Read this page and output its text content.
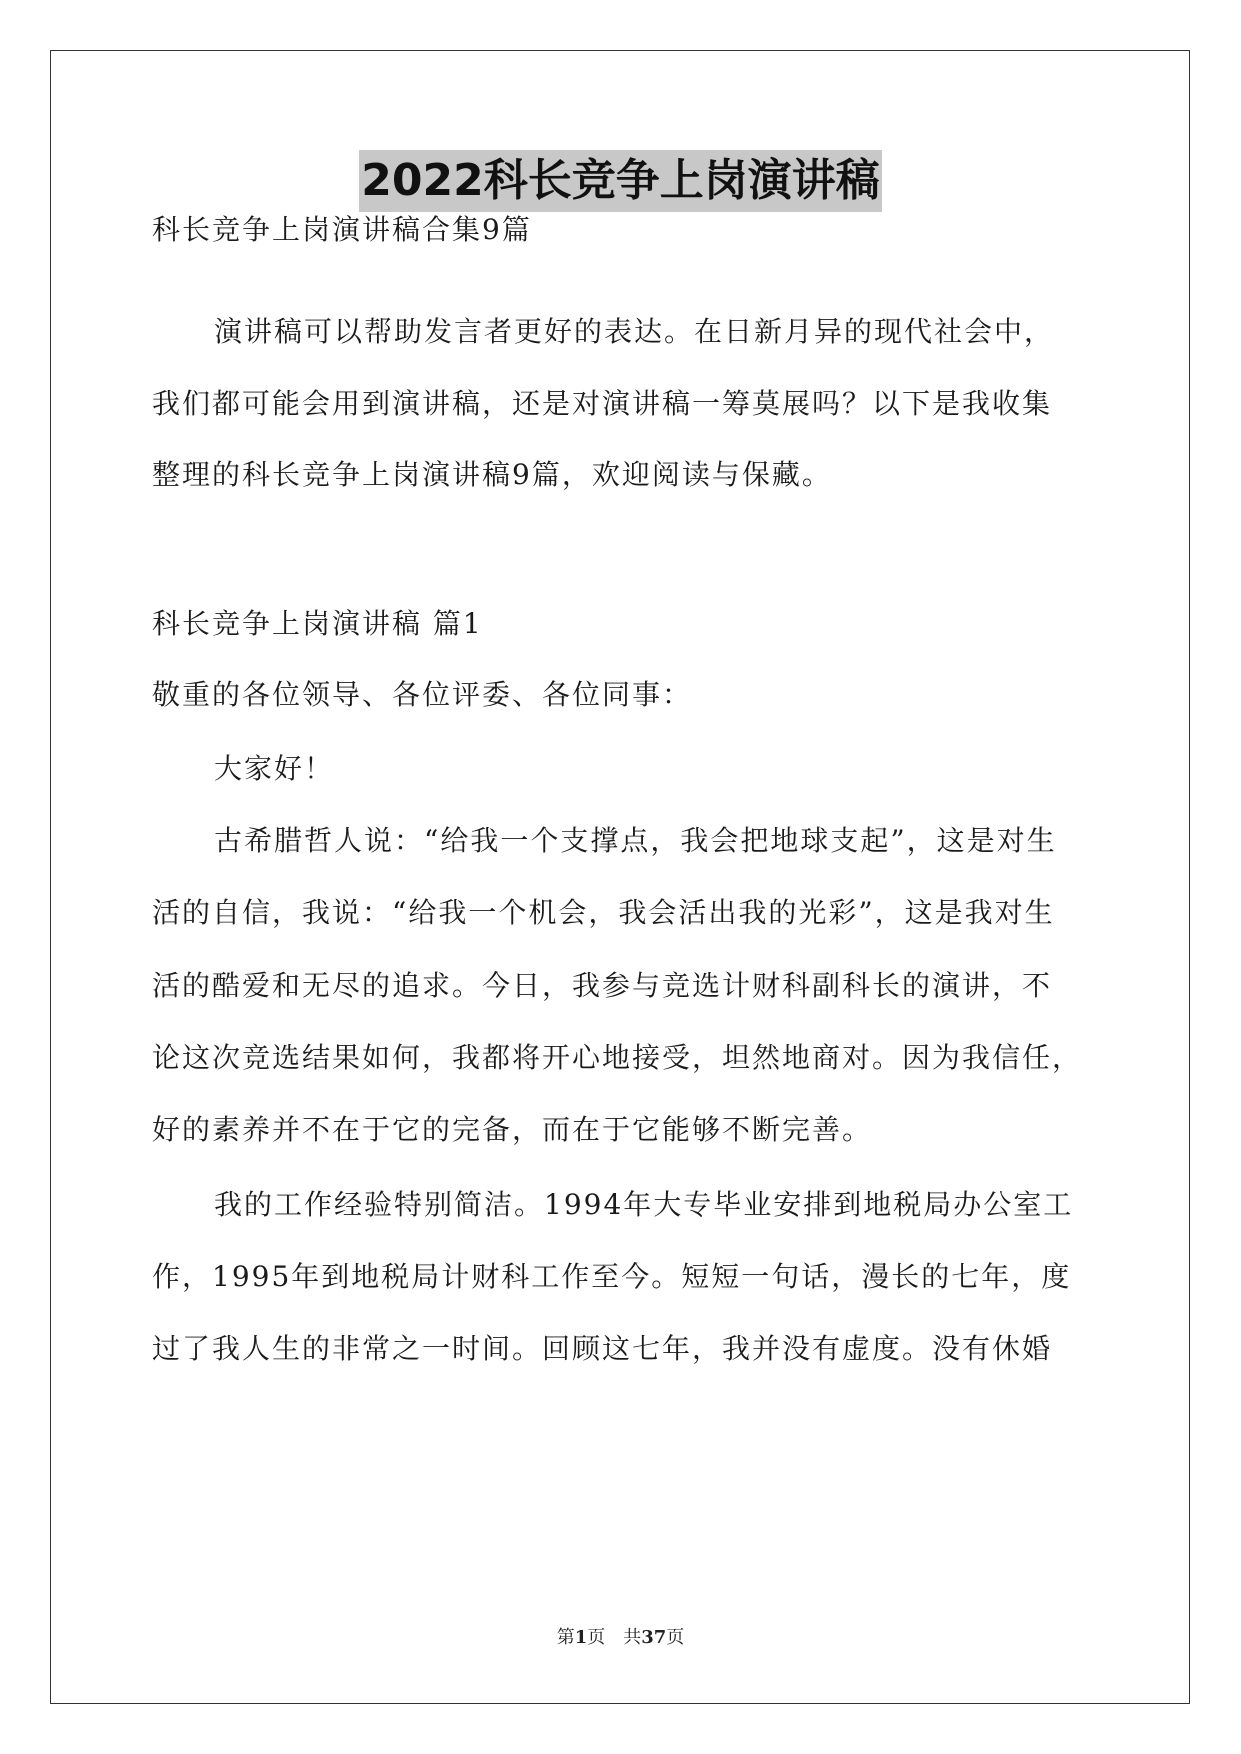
2022科长竞争上岗演讲稿
科长竞争上岗演讲稿合集9篇
演讲稿可以帮助发言者更好的表达。在日新月异的现代社会中，
我们都可能会用到演讲稿，还是对演讲稿一筹莫展吗？以下是我收集
整理的科长竞争上岗演讲稿9篇，欢迎阅读与保藏。
科长竞争上岗演讲稿 篇1
敬重的各位领导、各位评委、各位同事：
大家好！
古希腊哲人说：“给我一个支撑点，我会把地球支起”，这是对生
活的自信，我说：“给我一个机会，我会活出我的光彩”，这是我对生
活的酷爱和无尽的追求。今日，我参与竞选计财科副科长的演讲，不
论这次竞选结果如何，我都将开心地接受，坦然地商对。因为我信任，
好的素养并不在于它的完备，而在于它能够不断完善。
我的工作经验特别简洁。1994年大专毕业安排到地税局办公室工
作，1995年到地税局计财科工作至今。短短一句话，漫长的七年，度
过了我人生的非常之一时间。回顾这七年，我并没有虚度。没有休婚
第1页　共37页
